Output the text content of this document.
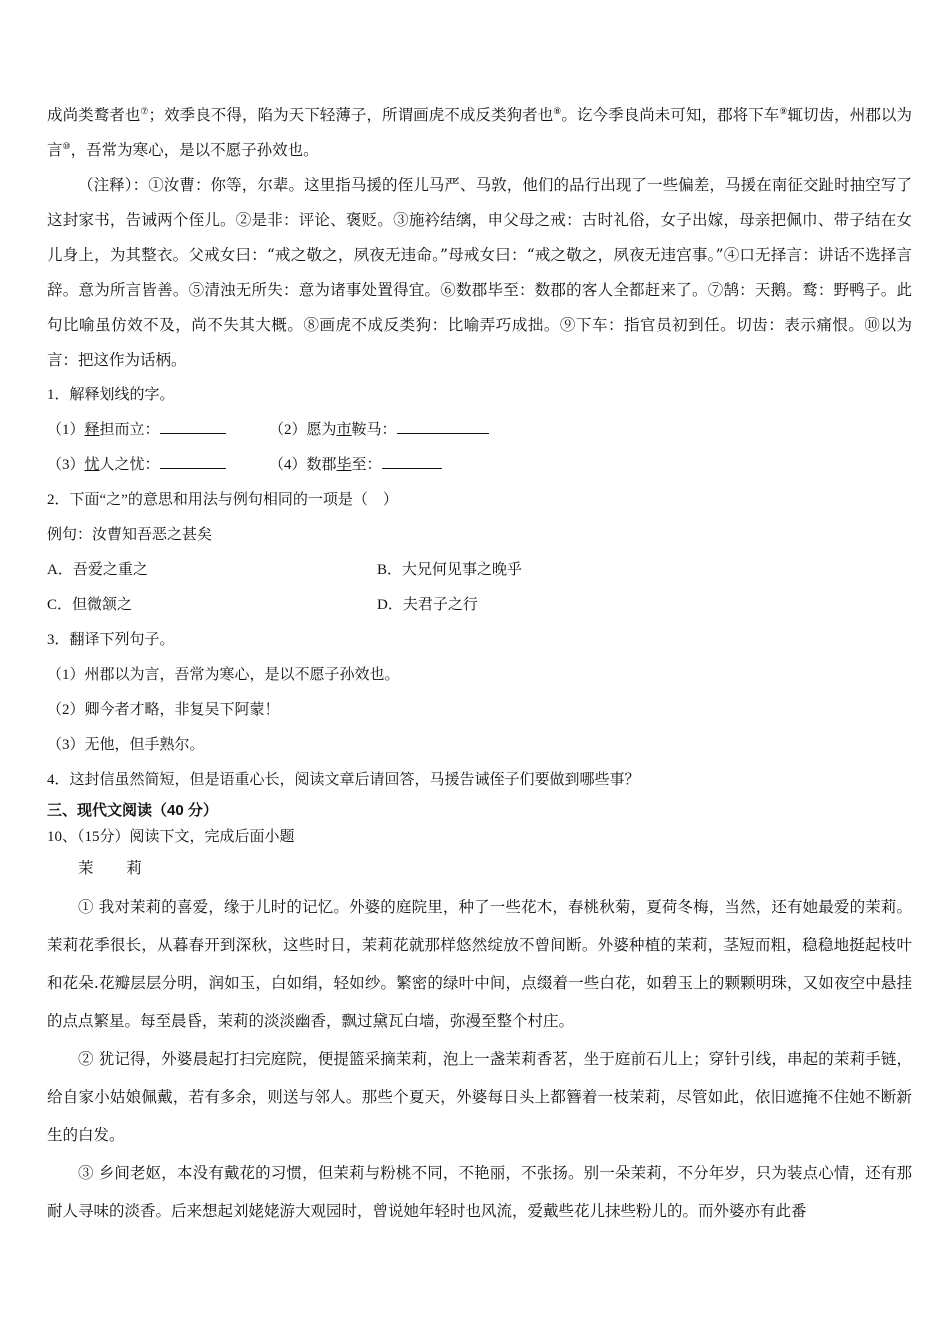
成尚类鹜者也⑦；效季良不得，陷为天下轻薄子，所谓画虎不成反类狗者也⑧。讫今季良尚未可知，郡将下车⑨辄切齿，州郡以为言⑩，吾常为寒心，是以不愿子孙效也。

（注释）：①汝曹：你等，尔辈。这里指马援的侄儿马严、马敦，他们的品行出现了一些偏差，马援在南征交趾时抽空写了这封家书，告诫两个侄儿。②是非：评论、褒贬。③施衿结缡，申父母之戒：古时礼俗，女子出嫁，母亲把佩巾、带子结在女儿身上，为其整衣。父戒女曰：“戒之敬之，夙夜无违命。”母戒女曰：“戒之敬之，夙夜无违宫事。”④口无择言：讲话不选择言辞。意为所言皆善。⑤清浊无所失：意为诸事处置得宜。⑥数郡毕至：数郡的客人全都赶来了。⑦鹄：天鹅。鹜：野鸭子。此句比喻虽仿效不及，尚不失其大概。⑧画虎不成反类狗：比喻弄巧成拙。⑨下车：指官员初到任。切齿：表示痛恨。⑩以为言：把这作为话柄。

1．解释划线的字。

（1）释担而立：	（2）愿为市鞍马：
（3）忧人之忧：	（4）数郡毕至：

2．下面“之”的意思和用法与例句相同的一项是（　）

例句：汝曹知吾恶之甚矣

A．吾爱之重之	B．大兄何见事之晚乎
C．但微颔之	D．夫君子之行

3．翻译下列句子。

（1）州郡以为言，吾常为寒心，是以不愿子孙效也。

（2）卿今者才略，非复吴下阿蒙！

（3）无他，但手熟尔。

4．这封信虽然简短，但是语重心长，阅读文章后请回答，马援告诫侄子们要做到哪些事？

三、现代文阅读（40 分）

10、（15分）阅读下文，完成后面小题

茉 莉

① 我对茉莉的喜爱，缘于儿时的记忆。外婆的庭院里，种了一些花木，春桃秋菊，夏荷冬梅，当然，还有她最爱的茉莉。茉莉花季很长，从暮春开到深秋，这些时日，茉莉花就那样悠然绽放不曾间断。外婆种植的茉莉，茎短而粗，稳稳地挺起枝叶和花朵.花瓣层层分明，润如玉，白如绢，轻如纱。繁密的绿叶中间，点缀着一些白花，如碧玉上的颗颗明珠，又如夜空中悬挂的点点繁星。每至晨昏，茉莉的淡淡幽香，飘过黛瓦白墙，弥漫至整个村庄。

② 犹记得，外婆晨起打扫完庭院，便提篮采摘茉莉，泡上一盏茉莉香茗，坐于庭前石儿上；穿针引线，串起的茉莉手链，给自家小姑娘佩戴，若有多余，则送与邻人。那些个夏天，外婆每日头上都簪着一枝茉莉，尽管如此，依旧遮掩不住她不断新生的白发。

③ 乡间老妪，本没有戴花的习惯，但茉莉与粉桃不同，不艳丽，不张扬。别一朵茉莉，不分年岁，只为装点心情，还有那耐人寻味的淡香。后来想起刘姥姥游大观园时，曾说她年轻时也风流，爱戴些花儿抹些粉儿的。而外婆亦有此番
